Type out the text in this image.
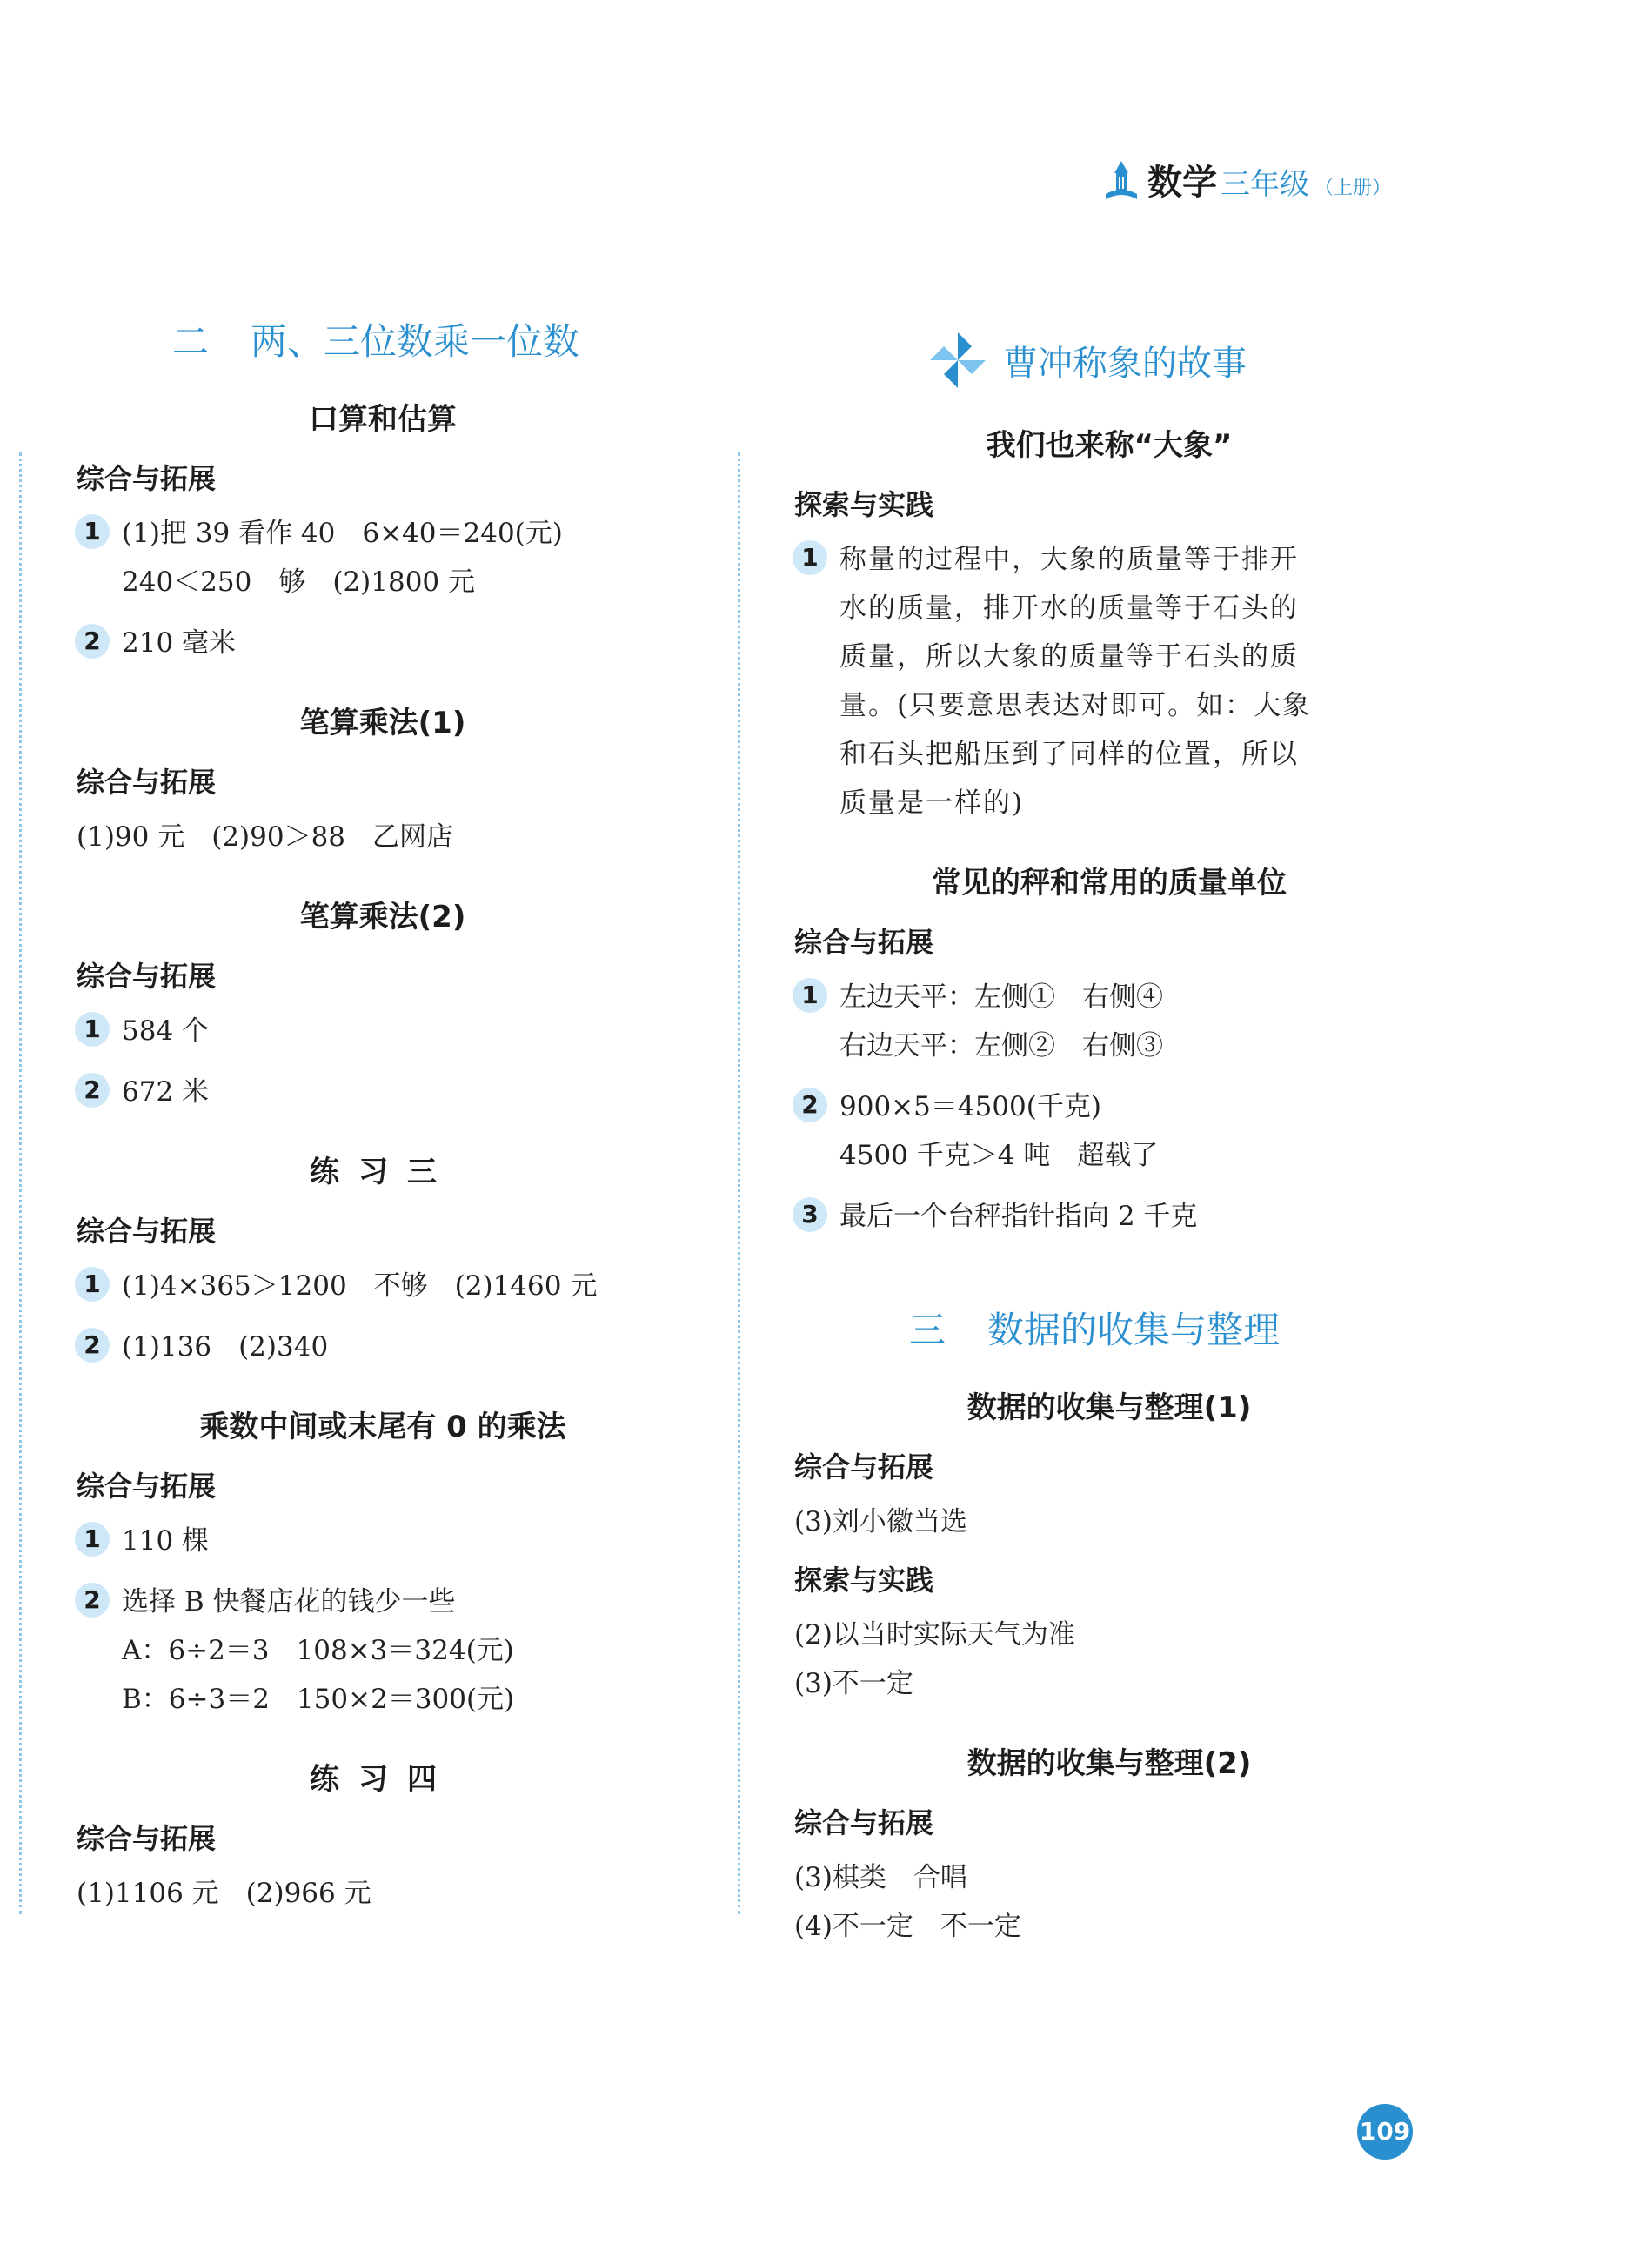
数学 三年级 （上册）
二 两、三位数乘一位数
口算和估算
综合与拓展
1 (1)把 39 看作 40　6×40＝240(元)
240＜250　够　(2)1800 元
2 210 毫米
笔算乘法(1)
综合与拓展
(1)90 元　(2)90＞88　乙网店
笔算乘法(2)
综合与拓展
1 584 个
2 672 米
练习三
综合与拓展
1 (1)4×365＞1200　不够　(2)1460 元
2 (1)136　(2)340
乘数中间或末尾有 0 的乘法
综合与拓展
1 110 棵
2 选择 B 快餐店花的钱少一些
A：6÷2＝3　108×3＝324(元)
B：6÷3＝2　150×2＝300(元)
练习四
综合与拓展
(1)1106 元　(2)966 元
曹冲称象的故事
我们也来称“大象”
探索与实践
1 称量的过程中，大象的质量等于排开
水的质量，排开水的质量等于石头的
质量，所以大象的质量等于石头的质
量。(只要意思表达对即可。如：大象
和石头把船压到了同样的位置，所以
质量是一样的)
常见的秤和常用的质量单位
综合与拓展
1 左边天平：左侧①　右侧④
右边天平：左侧②　右侧③
2 900×5＝4500(千克)
4500 千克＞4 吨　超载了
3 最后一个台秤指针指向 2 千克
三 数据的收集与整理
数据的收集与整理(1)
综合与拓展
(3)刘小徽当选
探索与实践
(2)以当时实际天气为准
(3)不一定
数据的收集与整理(2)
综合与拓展
(3)棋类　合唱
(4)不一定　不一定
109
